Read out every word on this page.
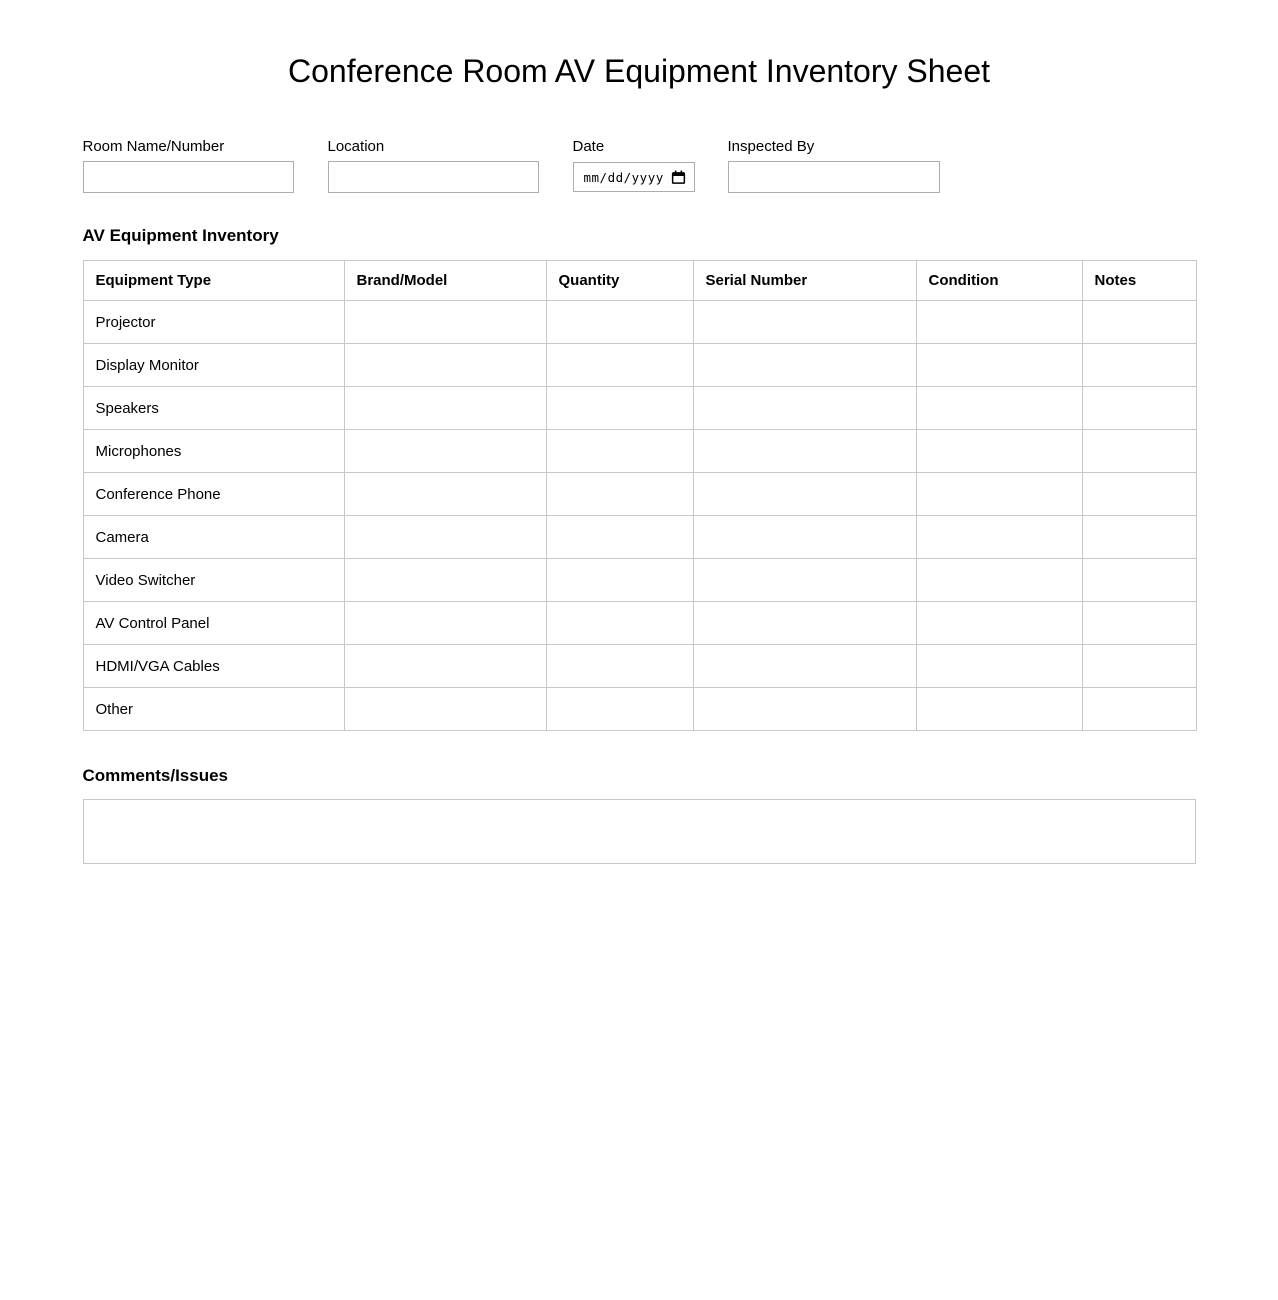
Conference Room AV Equipment Inventory Sheet
Room Name/Number	Location	Date
mm/dd/yyyy
Inspected By
AV Equipment Inventory
Equipment Type	Brand/Model	Quantity	Serial Number	Condition	Notes
Projector					
Display Monitor					
Speakers					
Microphones					
Conference Phone					
Camera					
Video Switcher					
AV Control Panel					
HDMI/VGA Cables					
Other					
Comments/Issues
